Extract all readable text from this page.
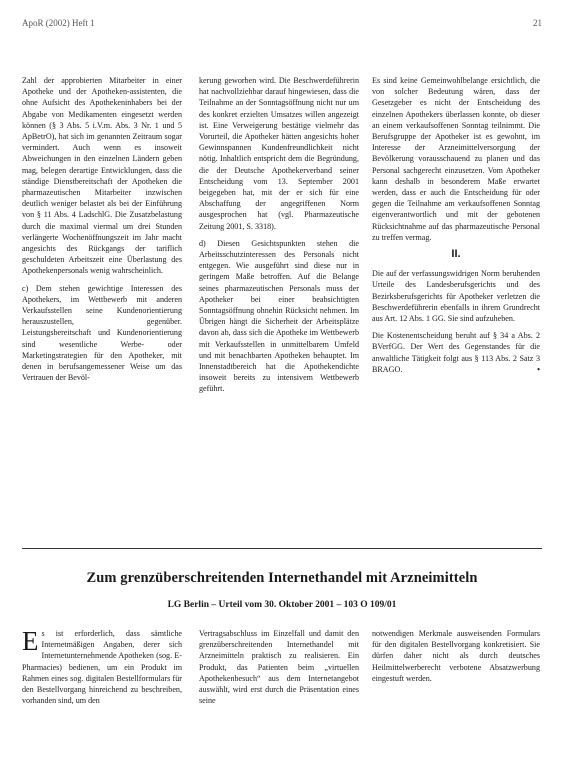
ApoR (2002) Heft 1	21

Zahl der approbierten Mitarbeiter in einer Apotheke und der Apotheken-assistenten, die ohne Aufsicht des Apothekeninhabers bei der Abgabe von Medikamenten eingesetzt werden können (§ 3 Abs. 5 i.V.m. Abs. 3 Nr. 1 und 5 ApBetrO), hat sich im genannten Zeitraum sogar vermindert. Auch wenn es insoweit Abweichungen in den einzelnen Ländern geben mag, belegen derartige Entwicklungen, dass die ständige Dienstbereitschaft der Apotheken die pharmazeutischen Mitarbeiter inzwischen deutlich weniger belastet als bei der Einführung von § 11 Abs. 4 LadschlG. Die Zusatzbelastung durch die maximal viermal um drei Stunden verlängerte Wochenöffnungszeit im Jahr macht angesichts des Rückgangs der tariflich geschuldeten Arbeitszeit eine Überlastung des Apothekenpersonals wenig wahrscheinlich.

c) Dem stehen gewichtige Interessen des Apothekers, im Wettbewerb mit anderen Verkaufsstellen seine Kundenorientierung herauszustellen, gegenüber. Leistungsbereitschaft und Kundenorientierung sind wesentliche Werbe- oder Marketingstrategien für den Apotheker, mit denen in berufsangemessener Weise um das Vertrauen der Bevöl-

kerung geworben wird. Die Beschwerdeführerin hat nachvollziehbar darauf hingewiesen, dass die Teilnahme an der Sonntagsöffnung nicht nur um des konkret erzielten Umsatzes willen angezeigt ist. Eine Verweigerung bestätige vielmehr das Vorurteil, die Apotheker hätten angesichts hoher Gewinnspannen Kundenfreundlichkeit nicht nötig. Inhaltlich entspricht dem die Begründung, die der Deutsche Apothekerverband seiner Entscheidung vom 13. September 2001 beigegeben hat, mit der er sich für eine Abschaffung der angegriffenen Norm ausgesprochen hat (vgl. Pharmazeutische Zeitung 2001, S. 3318).

d) Diesen Gesichtspunkten stehen die Arbeitsschutzinteressen des Personals nicht entgegen. Wie ausgeführt sind diese nur in geringem Maße betroffen. Auf die Belange seines pharmazeutischen Personals muss der Apotheker bei einer beabsichtigten Sonntagsöffnung ohnehin Rücksicht nehmen. Im Übrigen hängt die Sicherheit der Arbeitsplätze davon ab, dass sich die Apotheke im Wettbewerb mit Verkaufsstellen in unmittelbarem Umfeld und mit benachbarten Apotheken behauptet. Im Innenstadtbereich hat die Apothekendichte insoweit bereits zu intensivem Wettbewerb geführt.

Es sind keine Gemeinwohlbelange ersichtlich, die von solcher Bedeutung wären, dass der Gesetzgeber es nicht der Entscheidung des einzelnen Apothekers überlassen konnte, ob dieser an einem verkaufsoffenen Sonntag teilnimmt. Die Berufsgruppe der Apotheker ist es gewohnt, im Interesse der Arzneimittelversorgung der Bevölkerung vorausschauend zu planen und das Personal sachgerecht einzusetzen. Vom Apotheker kann deshalb in besonderem Maße erwartet werden, dass er auch die Entscheidung für oder gegen die Teilnahme am verkaufsoffenen Sonntag eigenverantwortlich und mit der gebotenen Rücksichtnahme auf das pharmazeutische Personal zu treffen vermag.

II.

Die auf der verfassungswidrigen Norm beruhenden Urteile des Landesberufsgerichts und des Bezirksberufsgerichts für Apotheker verletzen die Beschwerdeführerin ebenfalls in ihrem Grundrecht aus Art. 12 Abs. 1 GG. Sie sind aufzuheben.

Die Kostenentscheidung beruht auf § 34 a Abs. 2 BVerfGG. Der Wert des Gegenstandes für die anwaltliche Tätigkeit folgt aus § 113 Abs. 2 Satz 3 BRAGO.	•

Zum grenzüberschreitenden Internethandel mit Arzneimitteln
LG Berlin – Urteil vom 30. Oktober 2001 – 103 O 109/01
Es ist erforderlich, dass sämtliche Internetmäßigen Angaben, derer sich Internetunternehmende Apotheken (sog. E-Pharmacies) bedienen, um ein Produkt im Rahmen eines sog. digitalen Bestellformulars für den Bestellvorgang hinreichend zu beschreiben, vorhanden sind, um den
Vertragsabschluss im Einzelfall und damit den grenzüberschreitenden Internethandel mit Arzneimitteln praktisch zu realisieren. Ein Produkt, das Patienten beim „virtuellen Apothekenbesuch“ aus dem Internetangebot auswählt, wird erst durch die Präsentation eines seine
notwendigen Merkmale ausweisenden Formulars für den digitalen Bestellvorgang konkretisiert. Sie dürfen daher nicht als durch deutsches Heilmittelwerberecht verbotene Absatzwerbung eingestuft werden.
